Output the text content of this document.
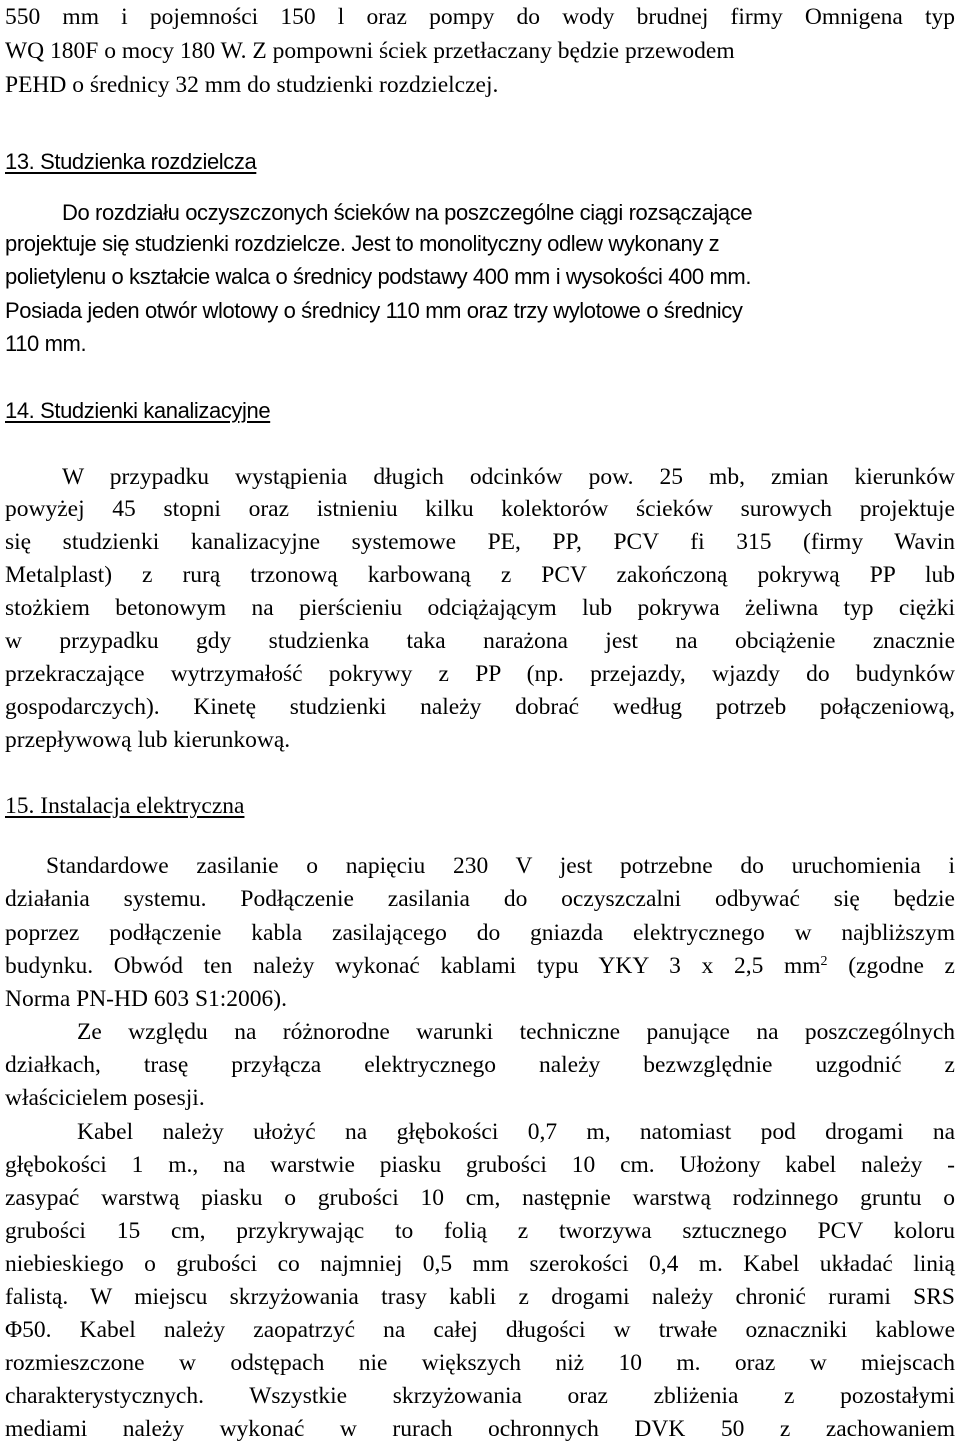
550 mm i pojemności 150 l oraz pompy do wody brudnej firmy Omnigena typ
WQ 180F o mocy 180 W. Z pompowni ściek przetłaczany będzie przewodem
PEHD o średnicy 32 mm do studzienki rozdzielczej.
13. Studzienka rozdzielcza
Do rozdziału oczyszczonych ścieków na poszczególne ciągi rozsączające
projektuje się studzienki rozdzielcze. Jest to monolityczny odlew wykonany z
polietylenu o kształcie walca o średnicy podstawy 400 mm i wysokości 400 mm.
Posiada jeden otwór wlotowy o średnicy 110 mm oraz trzy wylotowe o średnicy
110 mm.
14. Studzienki kanalizacyjne
W przypadku wystąpienia długich odcinków pow. 25 mb, zmian kierunków
powyżej 45 stopni oraz istnieniu kilku kolektorów ścieków surowych projektuje
się studzienki kanalizacyjne systemowe PE, PP, PCV fi 315 (firmy Wavin
Metalplast) z rurą trzonową karbowaną z PCV zakończoną pokrywą PP lub
stożkiem betonowym na pierścieniu odciążającym lub pokrywa żeliwna typ ciężki
w przypadku gdy studzienka taka narażona jest na obciążenie znacznie
przekraczające wytrzymałość pokrywy z PP (np. przejazdy, wjazdy do budynków
gospodarczych). Kinetę studzienki należy dobrać według potrzeb połączeniową,
przepływową lub kierunkową.
15. Instalacja elektryczna
Standardowe zasilanie o napięciu 230 V jest potrzebne do uruchomienia i
działania systemu. Podłączenie zasilania do oczyszczalni odbywać się będzie
poprzez podłączenie kabla zasilającego do gniazda elektrycznego w najbliższym
budynku. Obwód ten należy wykonać kablami typu YKY 3 x 2,5 $mm^2$ (zgodne z
Norma PN-HD 603 S1:2006).
Ze względu na różnorodne warunki techniczne panujące na poszczególnych
działkach, trasę przyłącza elektrycznego należy bezwzględnie uzgodnić z
właścicielem posesji.
Kabel należy ułożyć na głębokości 0,7 m, natomiast pod drogami na
głębokości 1 m., na warstwie piasku grubości 10 cm. Ułożony kabel należy -
zasypać warstwą piasku o grubości 10 cm, następnie warstwą rodzinnego gruntu o
grubości 15 cm, przykrywając to folią z tworzywa sztucznego PCV koloru
niebieskiego o grubości co najmniej 0,5 mm szerokości 0,4 m. Kabel układać linią
falistą. W miejscu skrzyżowania trasy kabli z drogami należy chronić rurami SRS
Φ50. Kabel należy zaopatrzyć na całej długości w trwałe oznaczniki kablowe
rozmieszczone w odstępach nie większych niż 10 m. oraz w miejscach
charakterystycznych. Wszystkie skrzyżowania oraz zbliżenia z pozostałymi
mediami należy wykonać w rurach ochronnych DVK 50 z zachowaniem
